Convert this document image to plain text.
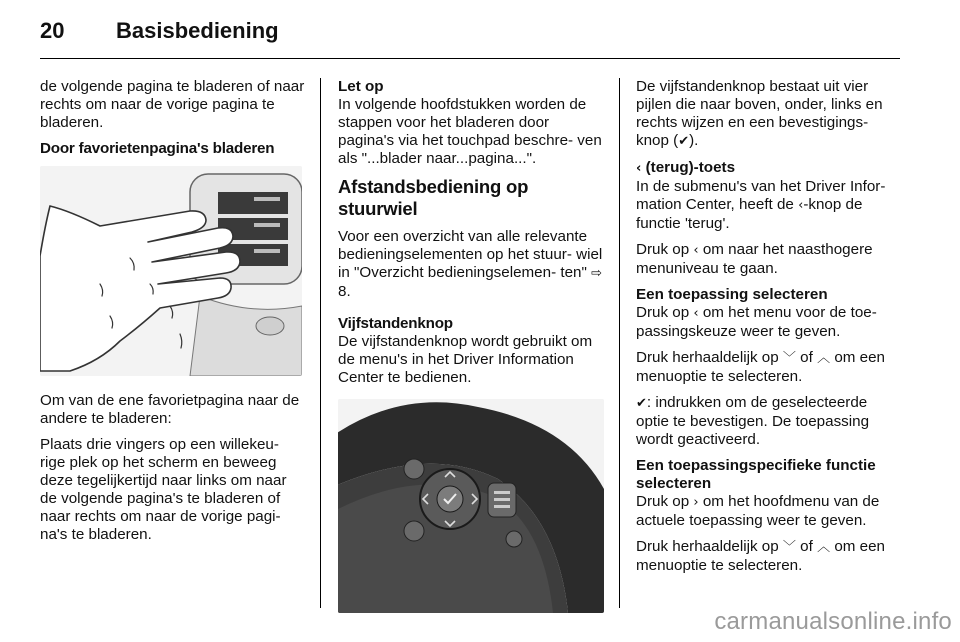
20	Basisbediening

de volgende pagina te bladeren of naar rechts om naar de vorige pagina te bladeren.

Door favorietenpagina's bladeren

Om van de ene favorietpagina naar de andere te bladeren:

Plaats drie vingers op een willekeu- rige plek op het scherm en beweeg deze tegelijkertijd naar links om naar de volgende pagina's te bladeren of naar rechts om naar de vorige pagi- na's te bladeren.

Let op
In volgende hoofdstukken worden de stappen voor het bladeren door pagina's via het touchpad beschre- ven als "...blader naar...pagina...".

Afstandsbediening op stuurwiel

Voor een overzicht van alle relevante bedieningselementen op het stuur- wiel in "Overzicht bedieningselemen- ten" ⇨ 8.

Vijfstandenknop

De vijfstandenknop wordt gebruikt om de menu's in het Driver Information Center te bedienen.

De vijfstandenknop bestaat uit vier pijlen die naar boven, onder, links en rechts wijzen en een bevestigings- knop (✔).

‹ (terug)-toets
In de submenu's van het Driver Infor- mation Center, heeft de ‹-knop de functie 'terug'.

Druk op ‹ om naar het naasthogere menuniveau te gaan.

Een toepassing selecteren
Druk op ‹ om het menu voor de toe- passingskeuze weer te geven.

Druk herhaaldelijk op ﹀ of ︿ om een menuoptie te selecteren.

✔: indrukken om de geselecteerde optie te bevestigen. De toepassing wordt geactiveerd.

Een toepassingspecifieke functie selecteren
Druk op › om het hoofdmenu van de actuele toepassing weer te geven.

Druk herhaaldelijk op ﹀ of ︿ om een menuoptie te selecteren.

carmanualsonline.info
